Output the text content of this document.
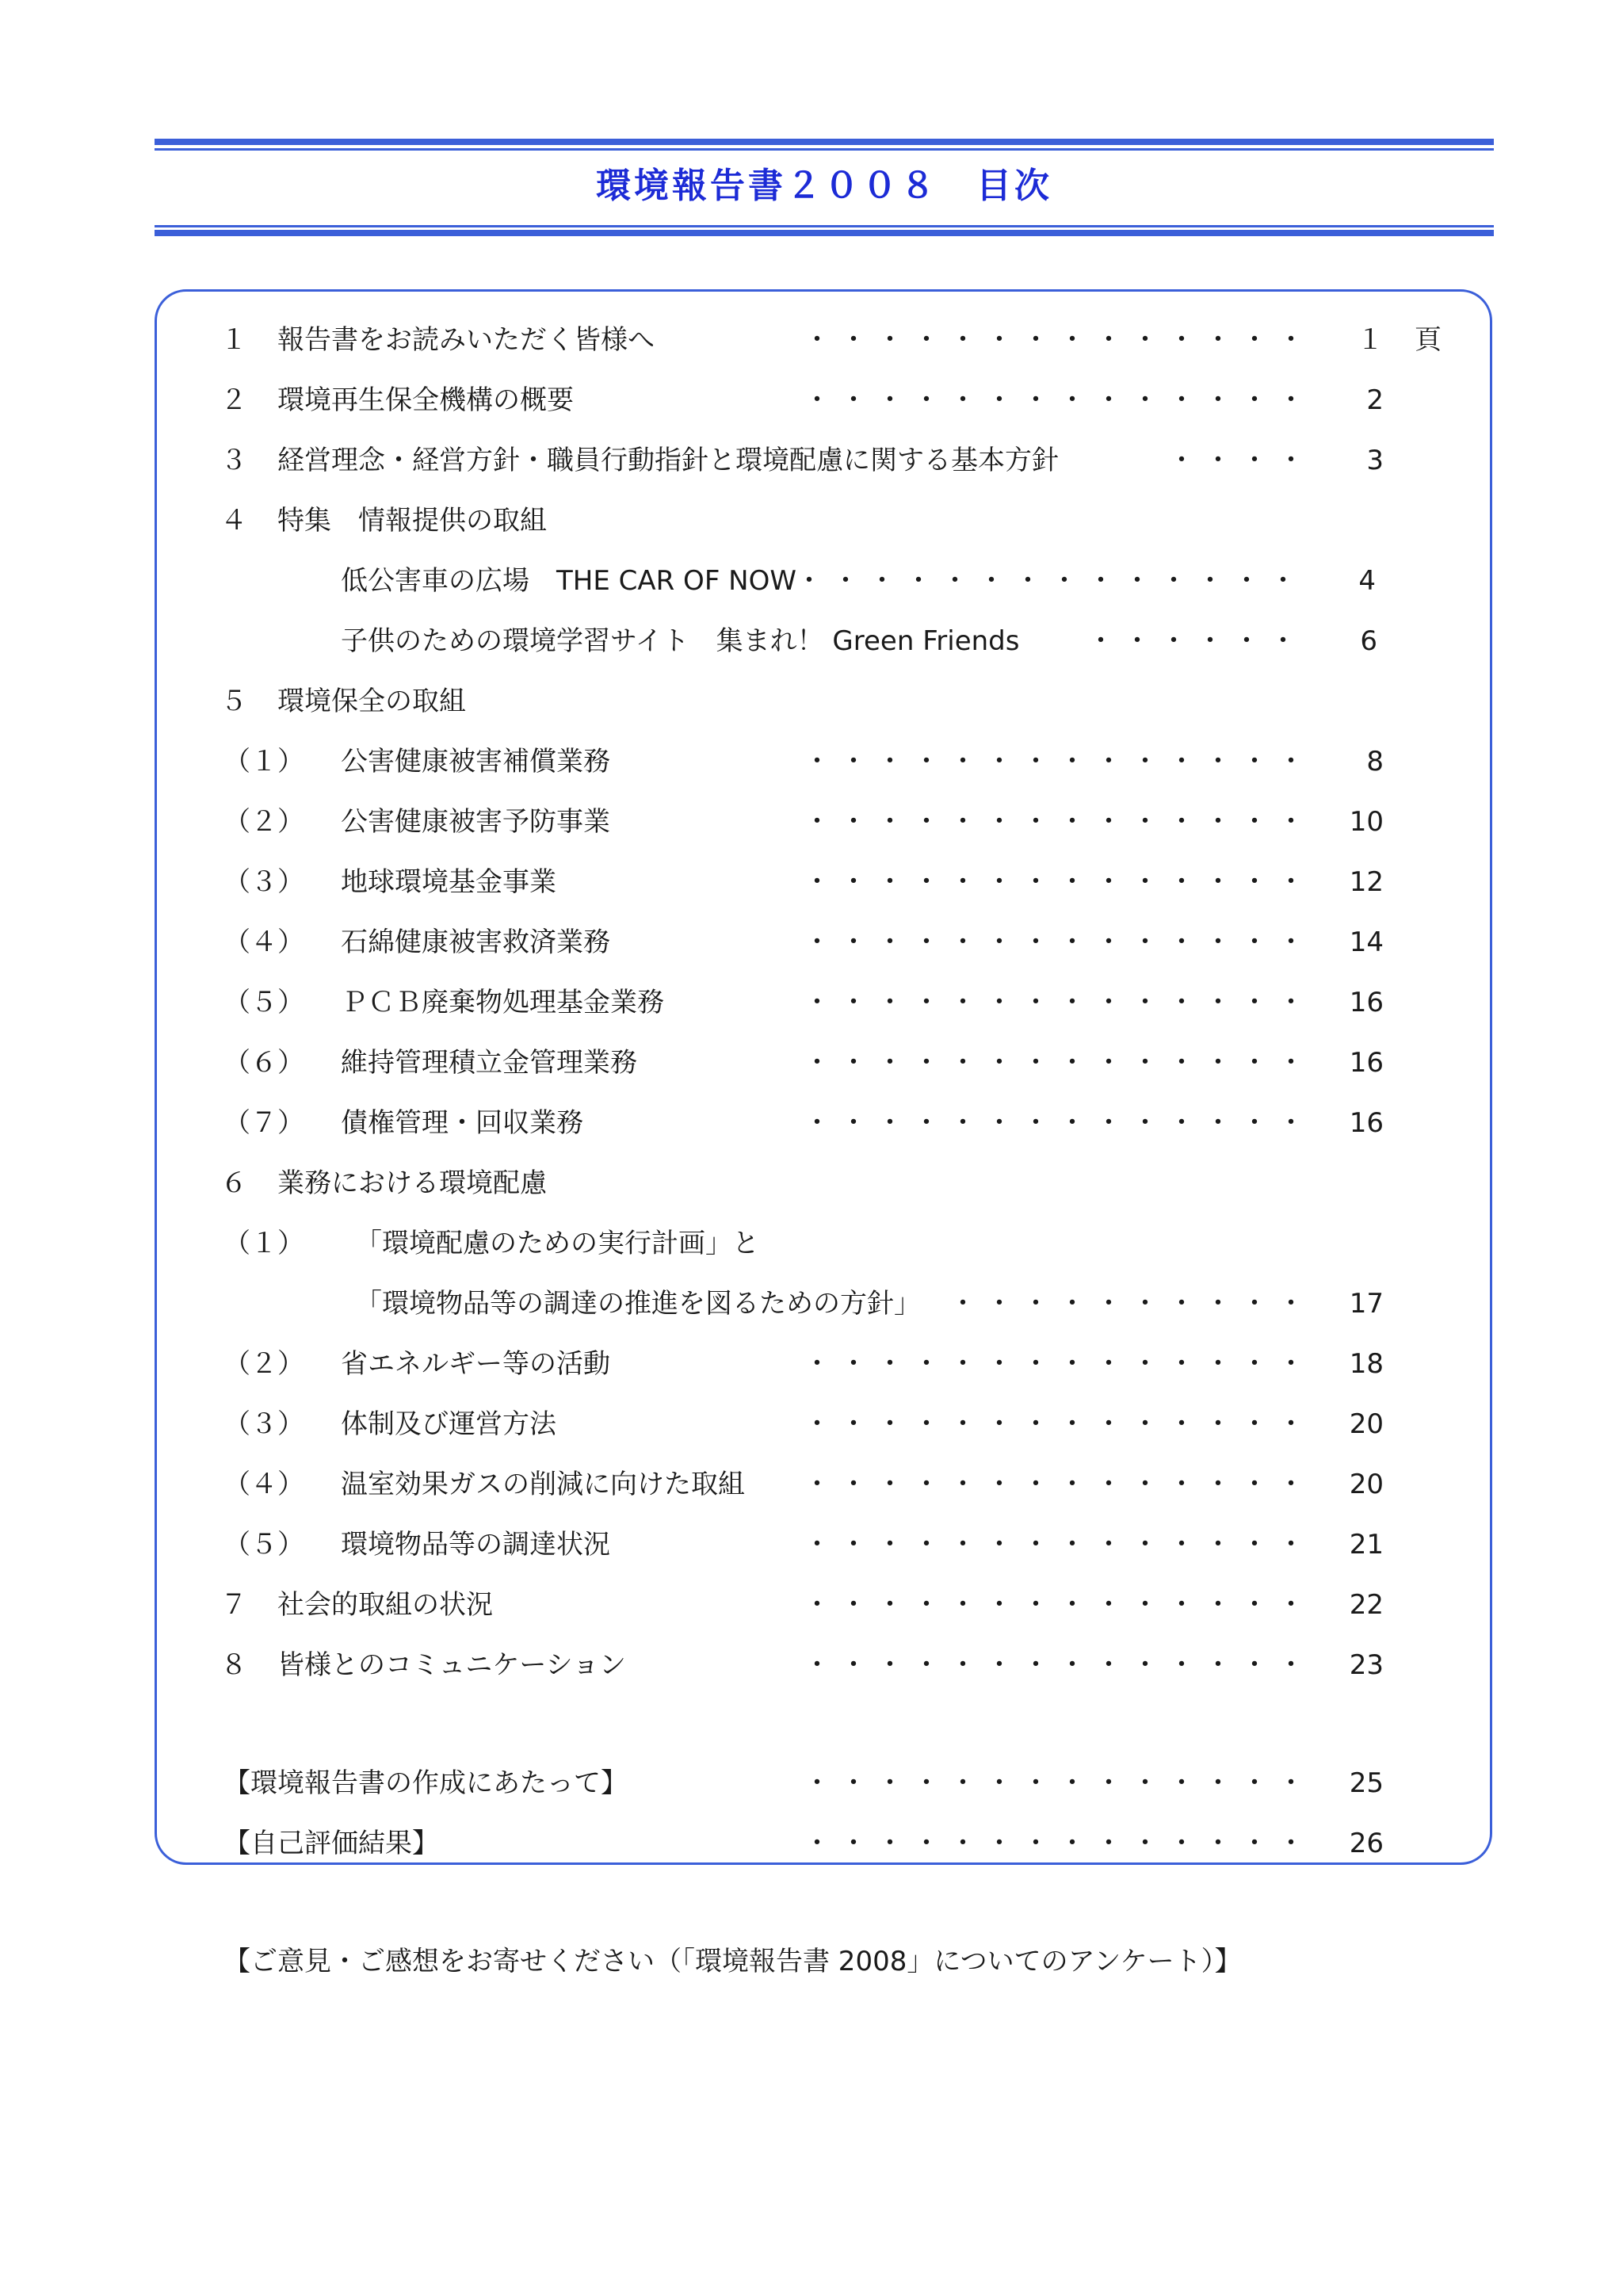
環境報告書２００８　目次
１ 報告書をお読みいただく皆様へ	・・・・・・・・・・・・・・ １ 頁
２ 環境再生保全機構の概要	・・・・・・・・・・・・・・ 2
３ 経営理念・経営方針・職員行動指針と環境配慮に関する基本方針	・・・・ 3
４ 特集　情報提供の取組
低公害車の広場　THE CAR OF NOW ・・・・・・・・・・・・・・ 4
子供のための環境学習サイト　集まれ！ Green Friends	・・・・・・ 6
５ 環境保全の取組
（１） 公害健康被害補償業務	・・・・・・・・・・・・・・ 8
（２） 公害健康被害予防事業	・・・・・・・・・・・・・・ 10
（３） 地球環境基金事業	・・・・・・・・・・・・・・ 12
（４） 石綿健康被害救済業務	・・・・・・・・・・・・・・ 14
（５） ＰＣＢ廃棄物処理基金業務	・・・・・・・・・・・・・・ 16
（６） 維持管理積立金管理業務	・・・・・・・・・・・・・・ 16
（７） 債権管理・回収業務	・・・・・・・・・・・・・・ 16
６ 業務における環境配慮
（１） 「環境配慮のための実行計画」と
「環境物品等の調達の推進を図るための方針」 ・・・・・・・・・・ 17
（２） 省エネルギー等の活動	・・・・・・・・・・・・・・ 18
（３） 体制及び運営方法	・・・・・・・・・・・・・・ 20
（４） 温室効果ガスの削減に向けた取組 ・・・・・・・・・・・・・・ 20
（５） 環境物品等の調達状況	・・・・・・・・・・・・・・ 21
７ 社会的取組の状況	・・・・・・・・・・・・・・ 22
８ 皆様とのコミュニケーション	・・・・・・・・・・・・・・ 23
【環境報告書の作成にあたって】	・・・・・・・・・・・・・・ 25
【自己評価結果】	・・・・・・・・・・・・・・ 26
【ご意見・ご感想をお寄せください（「環境報告書 2008」についてのアンケート）】
